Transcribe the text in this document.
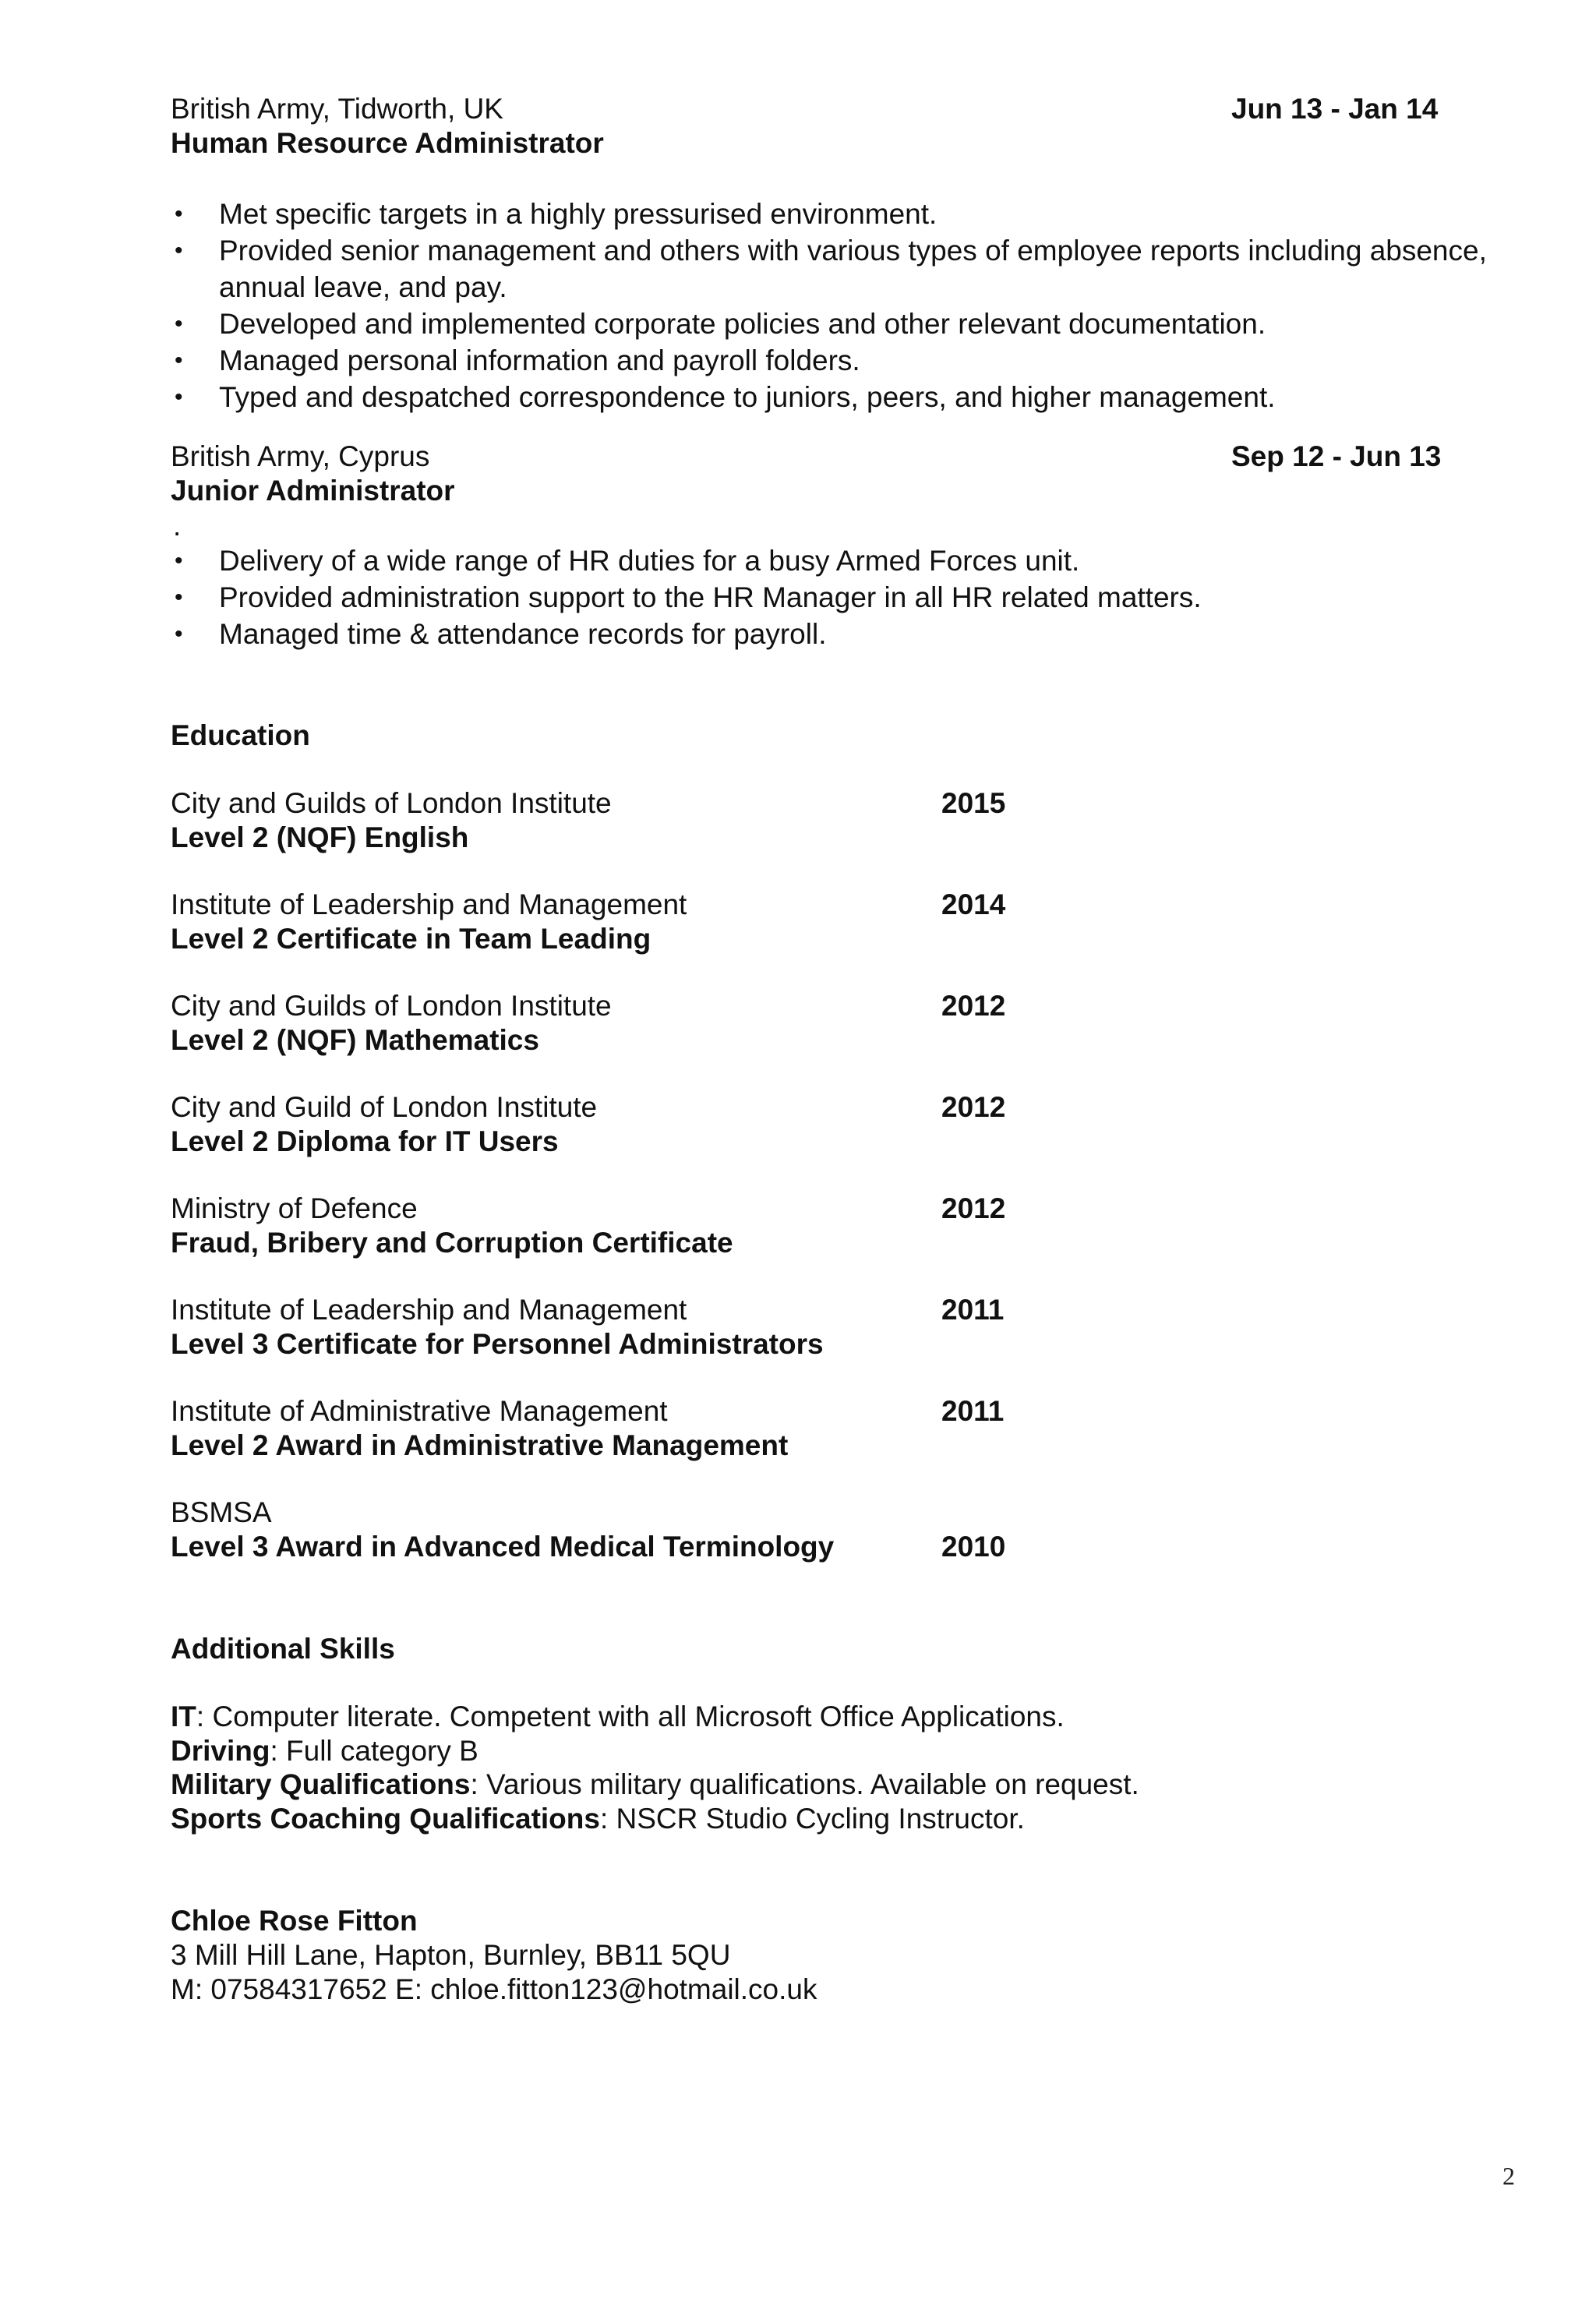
British Army, Tidworth, UK	Jun 13 - Jan 14
Human Resource Administrator
• Met specific targets in a highly pressurised environment.
• Provided senior management and others with various types of employee reports including absence, annual leave, and pay.
• Developed and implemented corporate policies and other relevant documentation.
• Managed personal information and payroll folders.
• Typed and despatched correspondence to juniors, peers, and higher management.
British Army, Cyprus	Sep 12 - Jun 13
Junior Administrator
.
• Delivery of a wide range of HR duties for a busy Armed Forces unit.
• Provided administration support to the HR Manager in all HR related matters.
• Managed time & attendance records for payroll.
Education
City and Guilds of London Institute	2015
Level 2 (NQF) English
Institute of Leadership and Management	2014
Level 2 Certificate in Team Leading
City and Guilds of London Institute	2012
Level 2 (NQF) Mathematics
City and Guild of London Institute	2012
Level 2 Diploma for IT Users
Ministry of Defence	2012
Fraud, Bribery and Corruption Certificate
Institute of Leadership and Management	2011
Level 3 Certificate for Personnel Administrators
Institute of Administrative Management	2011
Level 2 Award in Administrative Management
BSMSA
Level 3 Award in Advanced Medical Terminology	2010
Additional Skills
IT: Computer literate. Competent with all Microsoft Office Applications.
Driving: Full category B
Military Qualifications: Various military qualifications. Available on request.
Sports Coaching Qualifications: NSCR Studio Cycling Instructor.
Chloe Rose Fitton
3 Mill Hill Lane, Hapton, Burnley, BB11 5QU
M: 07584317652 E: chloe.fitton123@hotmail.co.uk
2
